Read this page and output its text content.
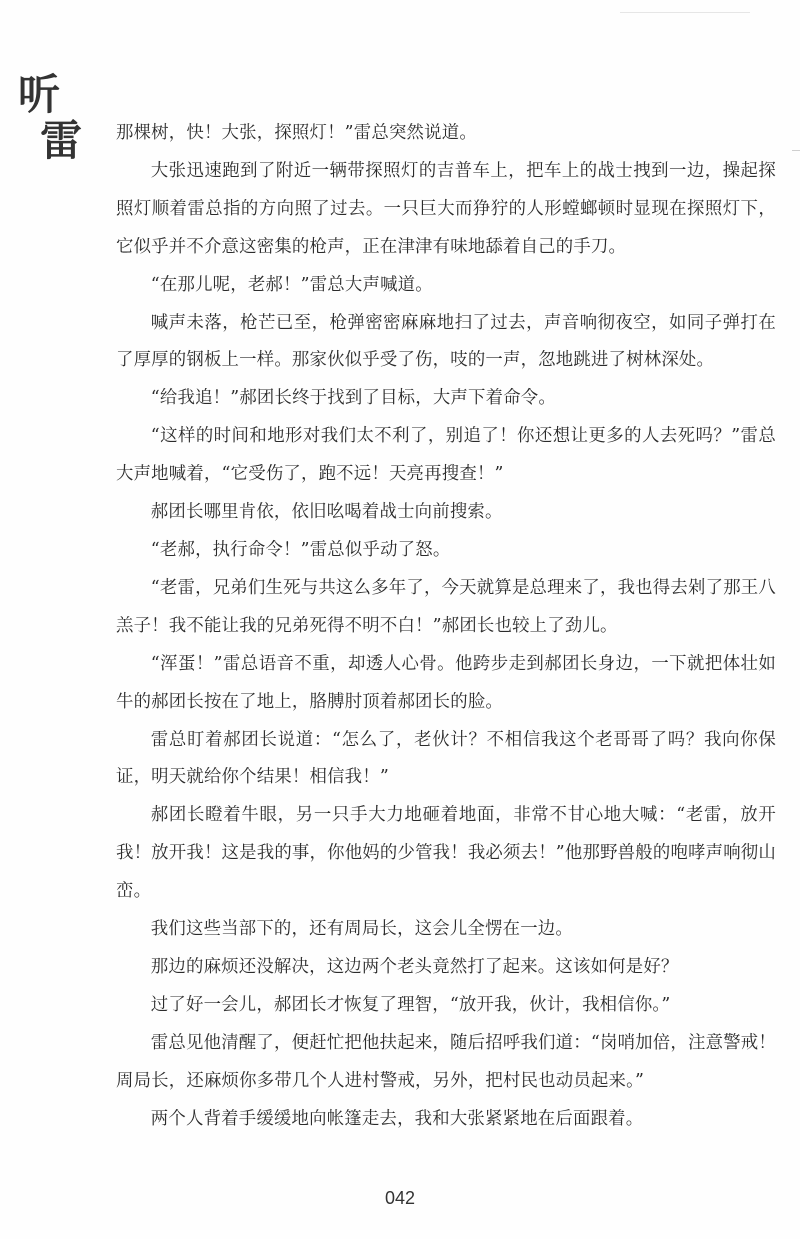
听
雷 那棵树，快！大张，探照灯！”雷总突然说道。

大张迅速跑到了附近一辆带探照灯的吉普车上，把车上的战士拽到一边，操起探照灯顺着雷总指的方向照了过去。一只巨大而狰狞的人形螳螂顿时显现在探照灯下，它似乎并不介意这密集的枪声，正在津津有味地舔着自己的手刀。

“在那儿呢，老郝！”雷总大声喊道。

喊声未落，枪芒已至，枪弹密密麻麻地扫了过去，声音响彻夜空，如同子弹打在了厚厚的钢板上一样。那家伙似乎受了伤，吱的一声，忽地跳进了树林深处。

“给我追！”郝团长终于找到了目标，大声下着命令。

“这样的时间和地形对我们太不利了，别追了！你还想让更多的人去死吗？”雷总大声地喊着，“它受伤了，跑不远！天亮再搜查！”

郝团长哪里肯依，依旧吆喝着战士向前搜索。

“老郝，执行命令！”雷总似乎动了怒。

“老雷，兄弟们生死与共这么多年了，今天就算是总理来了，我也得去剁了那王八羔子！我不能让我的兄弟死得不明不白！”郝团长也较上了劲儿。

“浑蛋！”雷总语音不重，却透人心骨。他跨步走到郝团长身边，一下就把体壮如牛的郝团长按在了地上，胳膊肘顶着郝团长的脸。

雷总盯着郝团长说道：“怎么了，老伙计？不相信我这个老哥哥了吗？我向你保证，明天就给你个结果！相信我！”

郝团长瞪着牛眼，另一只手大力地砸着地面，非常不甘心地大喊：“老雷，放开我！放开我！这是我的事，你他妈的少管我！我必须去！”他那野兽般的咆哮声响彻山峦。

我们这些当部下的，还有周局长，这会儿全愣在一边。

那边的麻烦还没解决，这边两个老头竟然打了起来。这该如何是好？

过了好一会儿，郝团长才恢复了理智，“放开我，伙计，我相信你。”

雷总见他清醒了，便赶忙把他扶起来，随后招呼我们道：“岗哨加倍，注意警戒！周局长，还麻烦你多带几个人进村警戒，另外，把村民也动员起来。”

两个人背着手缓缓地向帐篷走去，我和大张紧紧地在后面跟着。

042
